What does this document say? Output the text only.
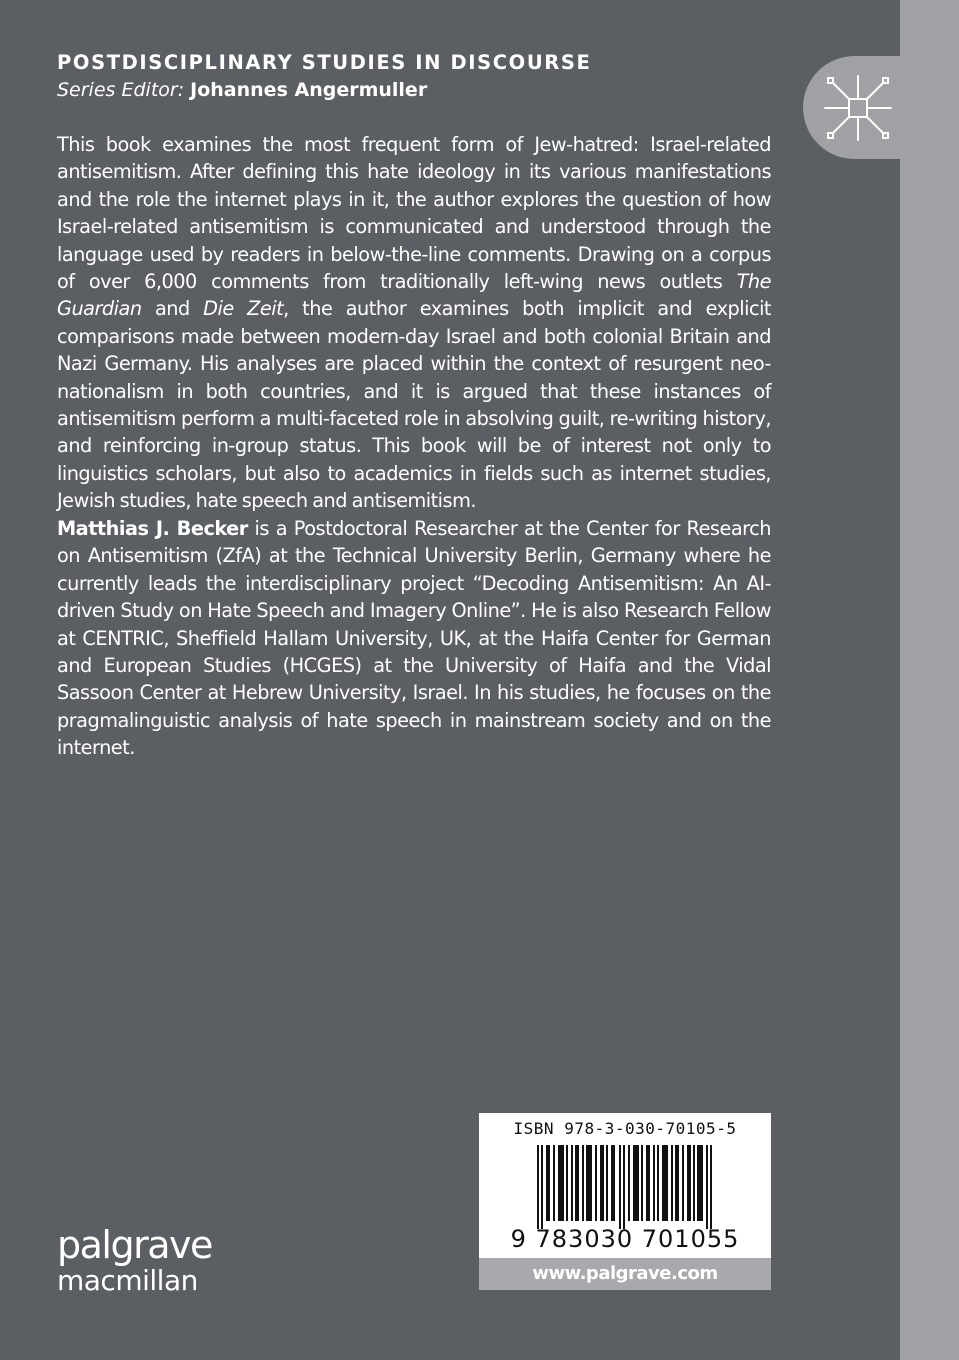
POSTDISCIPLINARY STUDIES IN DISCOURSE
Series Editor: Johannes Angermuller

This book examines the most frequent form of Jew-hatred: Israel-related antisemitism. After defining this hate ideology in its various manifestations and the role the internet plays in it, the author explores the question of how Israel-related antisemitism is communicated and understood through the language used by readers in below-the-line comments. Drawing on a corpus of over 6,000 comments from traditionally left-wing news outlets The Guardian and Die Zeit, the author examines both implicit and explicit comparisons made between modern-day Israel and both colonial Britain and Nazi Germany. His analyses are placed within the context of resurgent neo-nationalism in both countries, and it is argued that these instances of antisemitism perform a multi-faceted role in absolving guilt, re-writing history, and reinforcing in-group status. This book will be of interest not only to linguistics scholars, but also to academics in fields such as internet studies, Jewish studies, hate speech and antisemitism.

Matthias J. Becker is a Postdoctoral Researcher at the Center for Research on Antisemitism (ZfA) at the Technical University Berlin, Germany where he currently leads the interdisciplinary project “Decoding Antisemitism: An AI-driven Study on Hate Speech and Imagery Online”. He is also Research Fellow at CENTRIC, Sheffield Hallam University, UK, at the Haifa Center for German and European Studies (HCGES) at the University of Haifa and the Vidal Sassoon Center at Hebrew University, Israel. In his studies, he focuses on the pragmalinguistic analysis of hate speech in mainstream society and on the internet.

palgrave
macmillan
ISBN 978-3-030-70105-5
9 783030 701055
www.palgrave.com
